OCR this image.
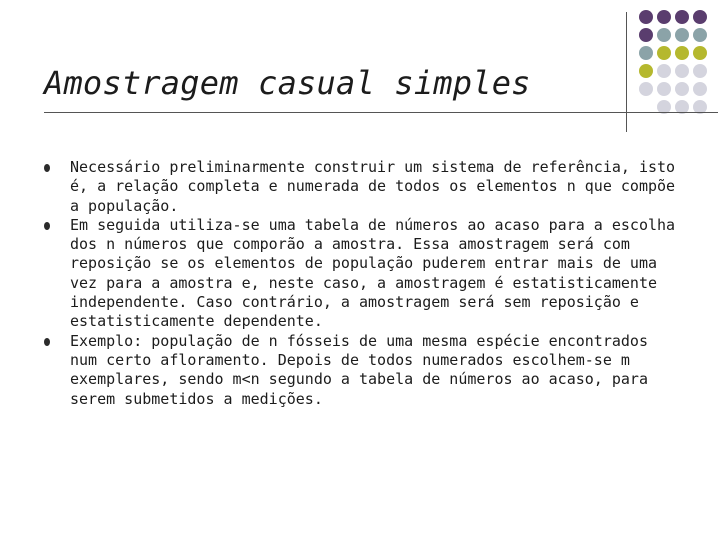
Amostragem casual simples
Necessário preliminarmente construir um sistema de referência, isto é, a relação completa e numerada de todos os elementos n que compõe a população.
Em seguida utiliza-se uma tabela de números ao acaso para a escolha dos n números que comporão a amostra. Essa amostragem será com reposição se os elementos de população puderem entrar mais de uma vez para a amostra e, neste caso, a amostragem é estatisticamente independente. Caso contrário, a amostragem será sem reposição e estatisticamente dependente.
Exemplo: população de n fósseis de uma mesma espécie encontrados num certo afloramento. Depois de todos numerados escolhem-se m exemplares, sendo m<n segundo a tabela de números ao acaso, para serem submetidos a medições.
